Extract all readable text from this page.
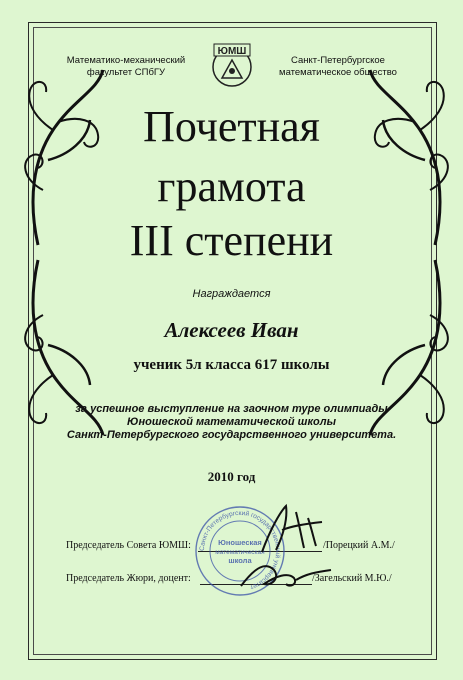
Математико-механический
факультет СПбГУ
ЮМШ
Санкт-Петербургское
математическое общество
Почетная
грамота
III степени
Награждается
Алексеев Иван
ученик 5л класса 617 школы
за успешное выступление на заочном туре олимпиады
Юношеской математической школы
Санкт-Петербургского государственного университета.
2010 год
Председатель Совета ЮМШ:	/Порецкий А.М./
Председатель Жюри, доцент:	/Загельский М.Ю./
Санкт-Петербургский государственный университет
Юношеская
математическая
школа
